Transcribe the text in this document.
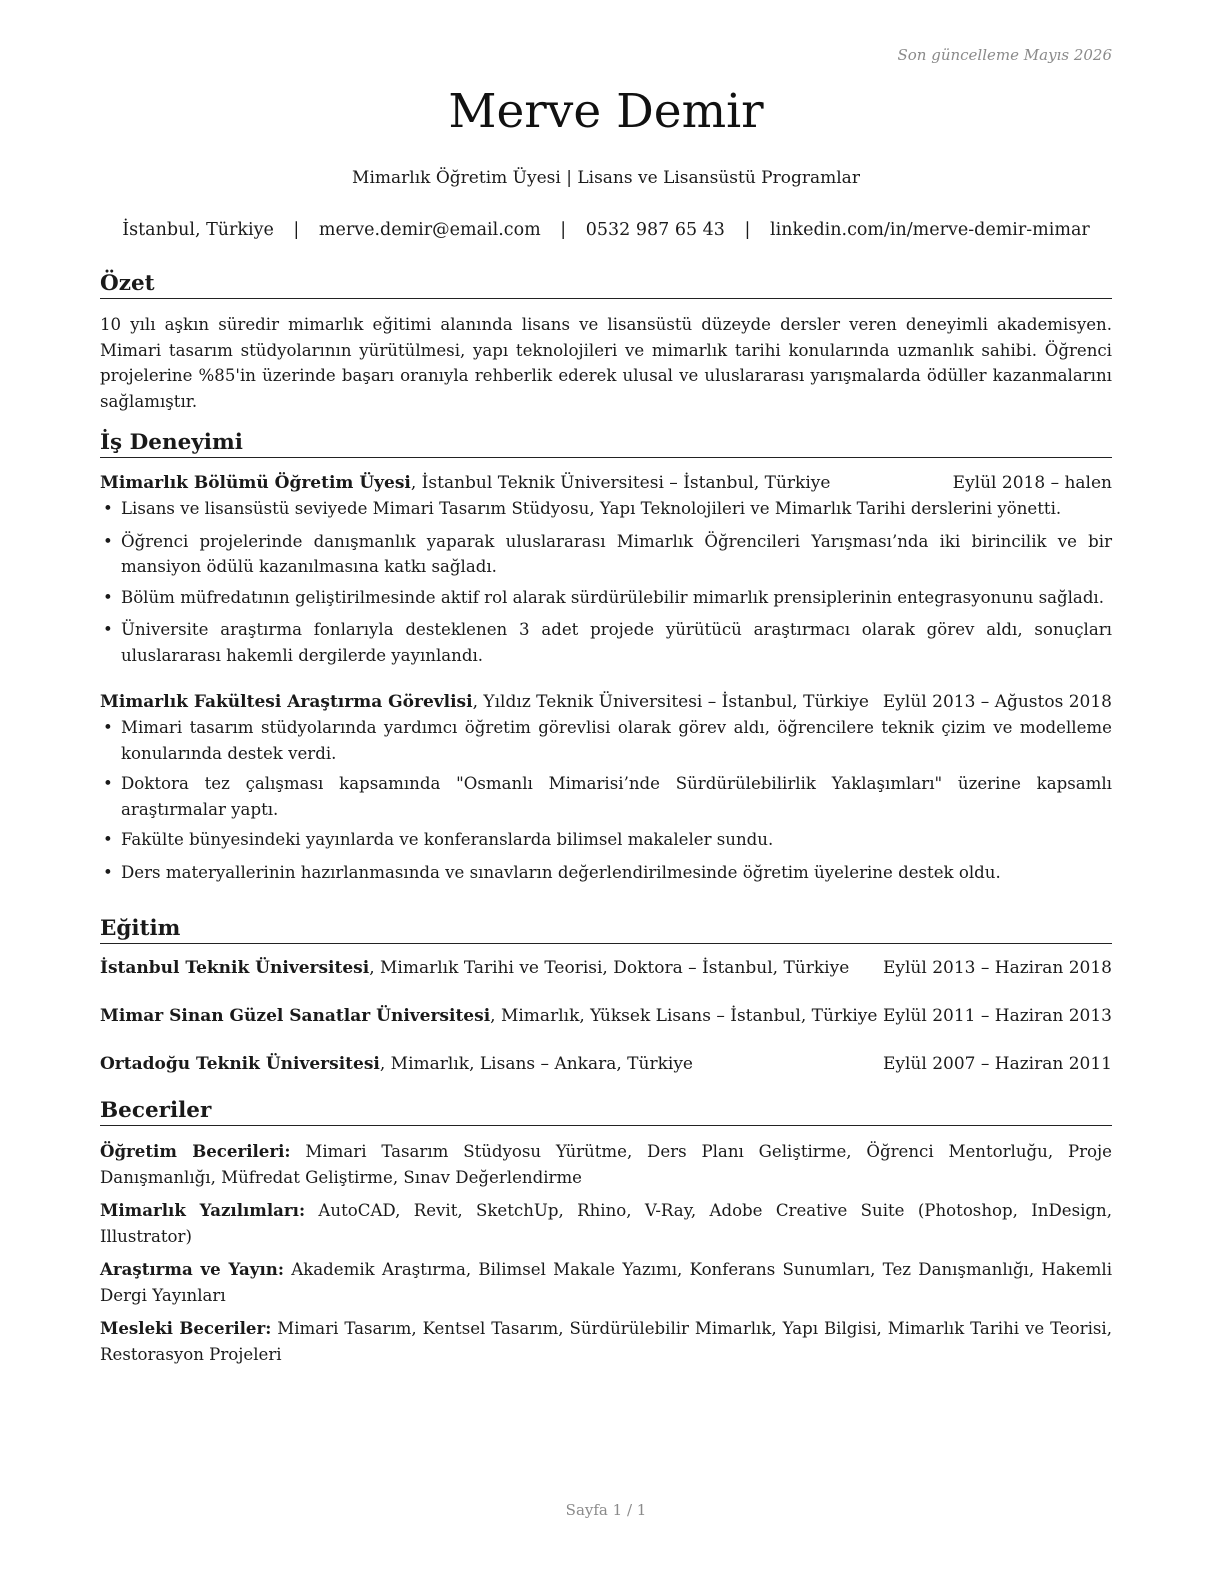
Son güncelleme Mayıs 2026
Merve Demir
Mimarlık Öğretim Üyesi | Lisans ve Lisansüstü Programlar
İstanbul, Türkiye | merve.demir@email.com | 0532 987 65 43 | linkedin.com/in/merve-demir-mimar
Özet
10 yılı aşkın süredir mimarlık eğitimi alanında lisans ve lisansüstü düzeyde dersler veren deneyimli akademisyen. Mimari tasarım stüdyolarının yürütülmesi, yapı teknolojileri ve mimarlık tarihi konularında uzmanlık sahibi. Öğrenci projelerine %85'in üzerinde başarı oranıyla rehberlik ederek ulusal ve uluslararası yarışmalarda ödüller kazanmalarını sağlamıştır.
İş Deneyimi
Mimarlık Bölümü Öğretim Üyesi, İstanbul Teknik Üniversitesi – İstanbul, Türkiye	Eylül 2018 – halen
• Lisans ve lisansüstü seviyede Mimari Tasarım Stüdyosu, Yapı Teknolojileri ve Mimarlık Tarihi derslerini yönetti.
• Öğrenci projelerinde danışmanlık yaparak uluslararası Mimarlık Öğrencileri Yarışması’nda iki birincilik ve bir mansiyon ödülü kazanılmasına katkı sağladı.
• Bölüm müfredatının geliştirilmesinde aktif rol alarak sürdürülebilir mimarlık prensiplerinin entegrasyonunu sağladı.
• Üniversite araştırma fonlarıyla desteklenen 3 adet projede yürütücü araştırmacı olarak görev aldı, sonuçları uluslararası hakemli dergilerde yayınlandı.
Mimarlık Fakültesi Araştırma Görevlisi, Yıldız Teknik Üniversitesi – İstanbul, Türkiye Eylül 2013 – Ağustos 2018
• Mimari tasarım stüdyolarında yardımcı öğretim görevlisi olarak görev aldı, öğrencilere teknik çizim ve modelleme konularında destek verdi.
• Doktora tez çalışması kapsamında "Osmanlı Mimarisi’nde Sürdürülebilirlik Yaklaşımları" üzerine kapsamlı araştırmalar yaptı.
• Fakülte bünyesindeki yayınlarda ve konferanslarda bilimsel makaleler sundu.
• Ders materyallerinin hazırlanmasında ve sınavların değerlendirilmesinde öğretim üyelerine destek oldu.
Eğitim
İstanbul Teknik Üniversitesi, Mimarlık Tarihi ve Teorisi, Doktora – İstanbul, Türkiye Eylül 2013 – Haziran 2018
Mimar Sinan Güzel Sanatlar Üniversitesi, Mimarlık, Yüksek Lisans – İstanbul, Türkiye Eylül 2011 – Haziran 2013
Ortadoğu Teknik Üniversitesi, Mimarlık, Lisans – Ankara, Türkiye	Eylül 2007 – Haziran 2011
Beceriler
Öğretim Becerileri: Mimari Tasarım Stüdyosu Yürütme, Ders Planı Geliştirme, Öğrenci Mentorluğu, Proje Danışmanlığı, Müfredat Geliştirme, Sınav Değerlendirme
Mimarlık Yazılımları: AutoCAD, Revit, SketchUp, Rhino, V-Ray, Adobe Creative Suite (Photoshop, InDesign, Illustrator)
Araştırma ve Yayın: Akademik Araştırma, Bilimsel Makale Yazımı, Konferans Sunumları, Tez Danışmanlığı, Hakemli Dergi Yayınları
Mesleki Beceriler: Mimari Tasarım, Kentsel Tasarım, Sürdürülebilir Mimarlık, Yapı Bilgisi, Mimarlık Tarihi ve Teorisi, Restorasyon Projeleri
Sayfa 1 / 1
